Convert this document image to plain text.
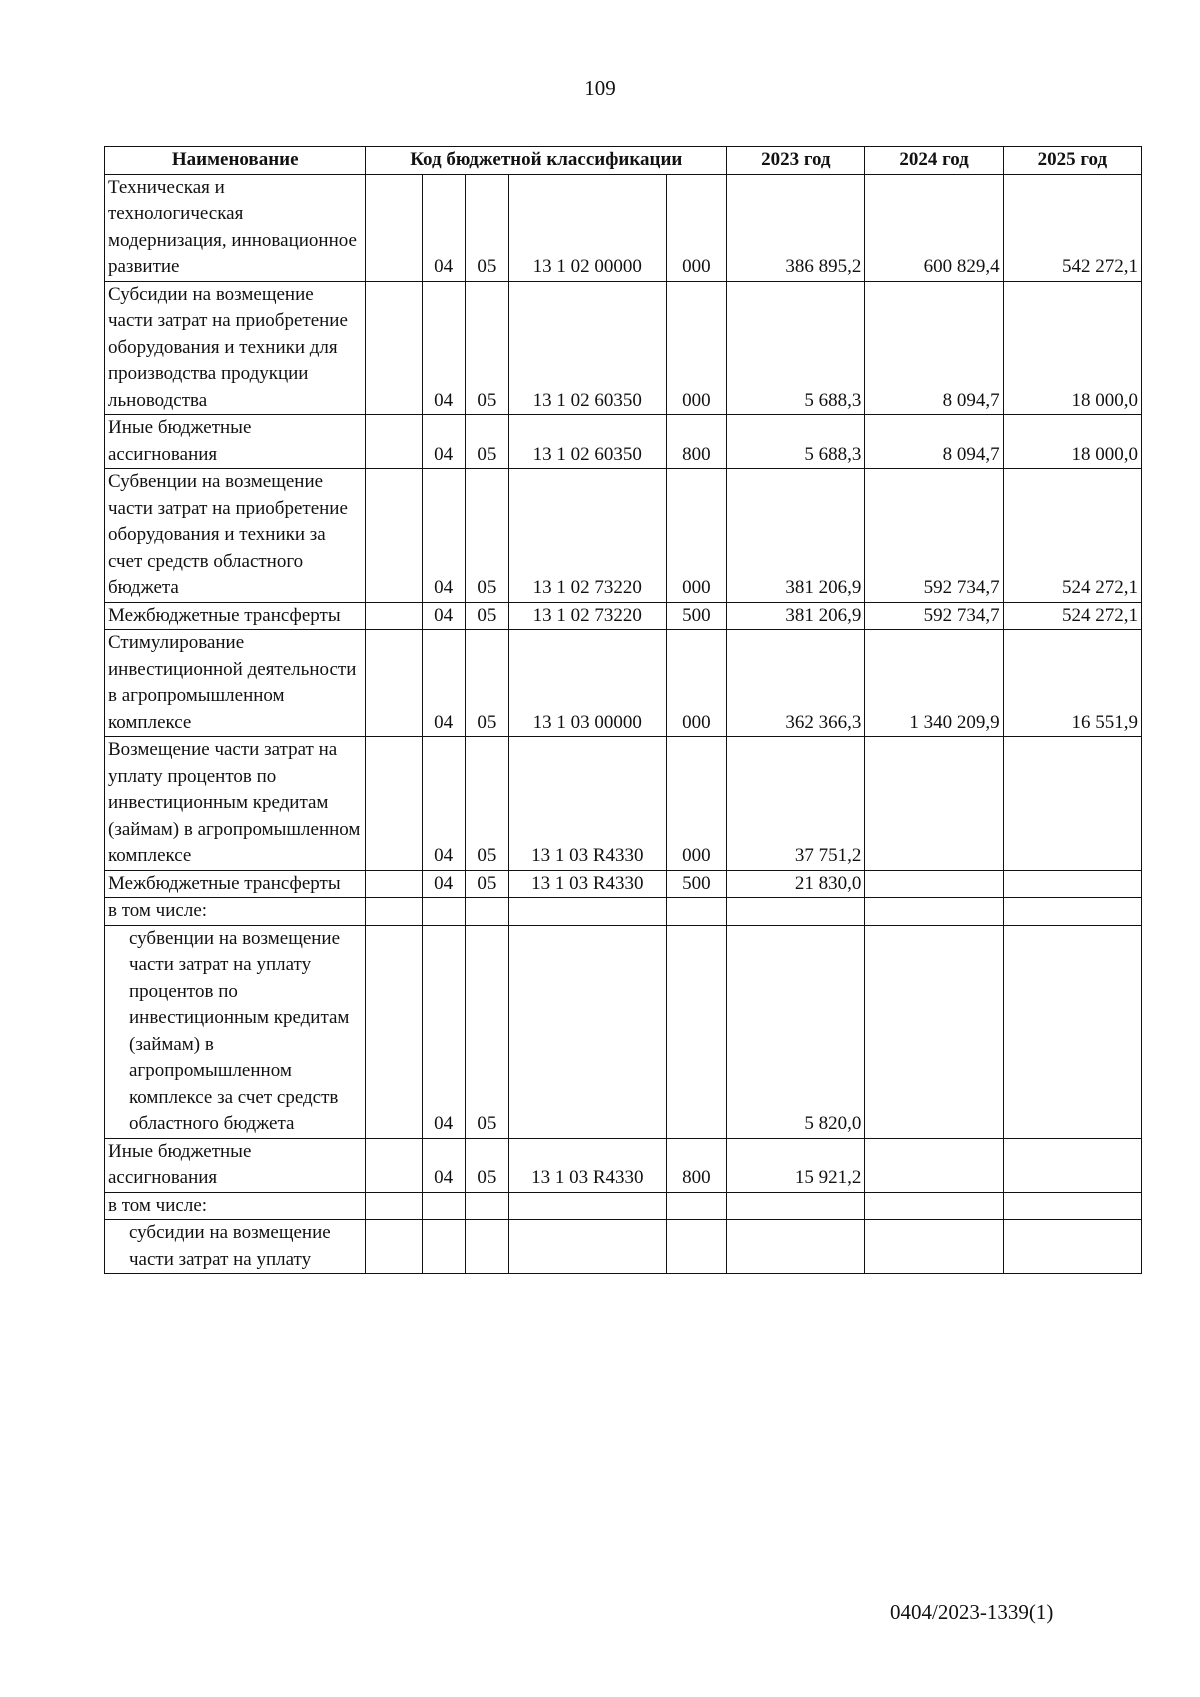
109
Наименование	Код бюджетной классификации					2023 год	2024 год	2025 год
Техническая и технологическая модернизация, инновационное развитие		04	05	13 1 02 00000	000	386 895,2	600 829,4	542 272,1
Субсидии на возмещение части затрат на приобретение оборудования и техники для производства продукции льноводства		04	05	13 1 02 60350	000	5 688,3	8 094,7	18 000,0
Иные бюджетные ассигнования		04	05	13 1 02 60350	800	5 688,3	8 094,7	18 000,0
Субвенции на возмещение части затрат на приобретение оборудования и техники за счет средств областного бюджета		04	05	13 1 02 73220	000	381 206,9	592 734,7	524 272,1
Межбюджетные трансферты		04	05	13 1 02 73220	500	381 206,9	592 734,7	524 272,1
Стимулирование инвестиционной деятельности в агропромышленном комплексе		04	05	13 1 03 00000	000	362 366,3	1 340 209,9	16 551,9
Возмещение части затрат на уплату процентов по инвестиционным кредитам (займам) в агропромышленном комплексе		04	05	13 1 03 R4330	000	37 751,2		
Межбюджетные трансферты		04	05	13 1 03 R4330	500	21 830,0		
в том числе:								
субвенции на возмещение части затрат на уплату процентов по инвестиционным кредитам (займам) в агропромышленном комплексе за счет средств областного бюджета		04	05			5 820,0		
Иные бюджетные ассигнования		04	05	13 1 03 R4330	800	15 921,2		
в том числе:								
субсидии на возмещение части затрат на уплату								
0404/2023-1339(1)
